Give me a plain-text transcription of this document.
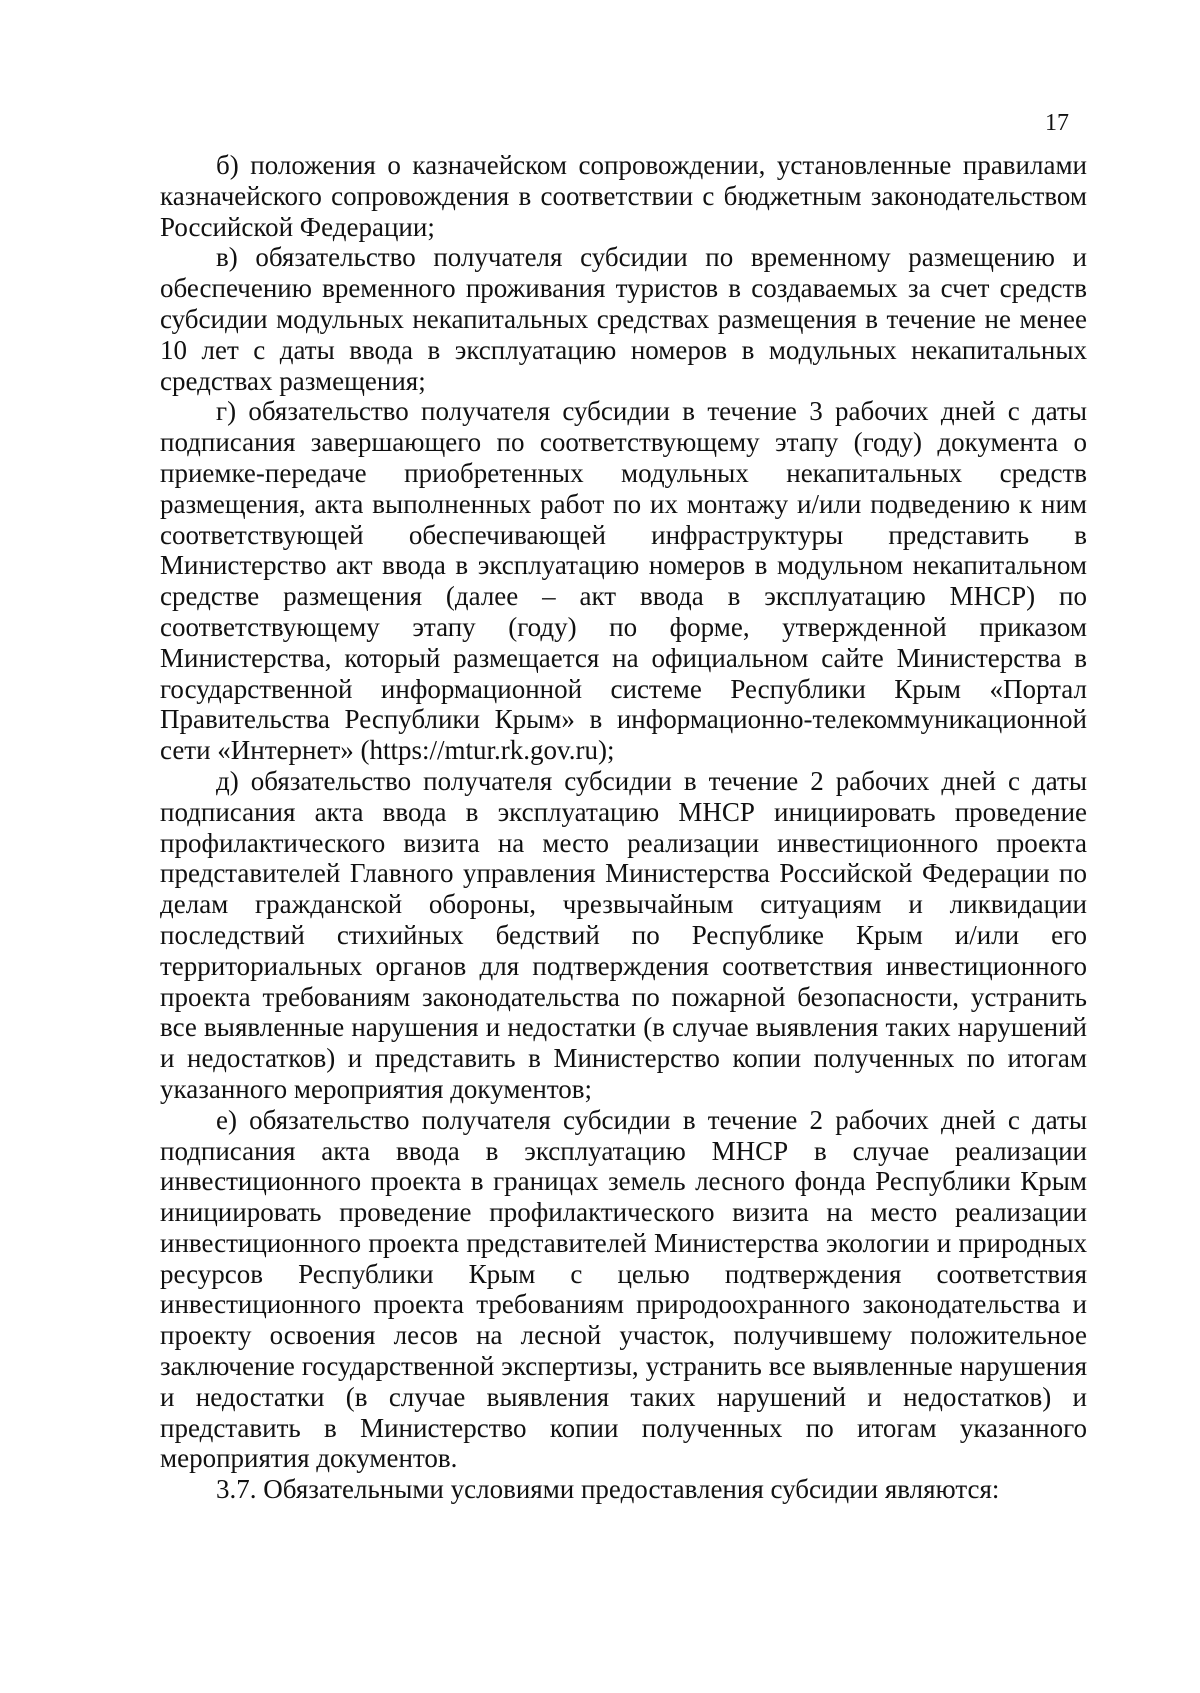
17

б) положения о казначейском сопровождении, установленные правилами казначейского сопровождения в соответствии с бюджетным законодательством Российской Федерации;

в) обязательство получателя субсидии по временному размещению и обеспечению временного проживания туристов в создаваемых за счет средств субсидии модульных некапитальных средствах размещения в течение не менее 10 лет с даты ввода в эксплуатацию номеров в модульных некапитальных средствах размещения;

г) обязательство получателя субсидии в течение 3 рабочих дней с даты подписания завершающего по соответствующему этапу (году) документа о приемке-передаче приобретенных модульных некапитальных средств размещения, акта выполненных работ по их монтажу и/или подведению к ним соответствующей обеспечивающей инфраструктуры представить в Министерство акт ввода в эксплуатацию номеров в модульном некапитальном средстве размещения (далее – акт ввода в эксплуатацию МНСР) по соответствующему этапу (году) по форме, утвержденной приказом Министерства, который размещается на официальном сайте Министерства в государственной информационной системе Республики Крым «Портал Правительства Республики Крым» в информационно-телекоммуникационной сети «Интернет» (https://mtur.rk.gov.ru);

д) обязательство получателя субсидии в течение 2 рабочих дней с даты подписания акта ввода в эксплуатацию МНСР инициировать проведение профилактического визита на место реализации инвестиционного проекта представителей Главного управления Министерства Российской Федерации по делам гражданской обороны, чрезвычайным ситуациям и ликвидации последствий стихийных бедствий по Республике Крым и/или его территориальных органов для подтверждения соответствия инвестиционного проекта требованиям законодательства по пожарной безопасности, устранить все выявленные нарушения и недостатки (в случае выявления таких нарушений и недостатков) и представить в Министерство копии полученных по итогам указанного мероприятия документов;

е) обязательство получателя субсидии в течение 2 рабочих дней с даты подписания акта ввода в эксплуатацию МНСР в случае реализации инвестиционного проекта в границах земель лесного фонда Республики Крым инициировать проведение профилактического визита на место реализации инвестиционного проекта представителей Министерства экологии и природных ресурсов Республики Крым с целью подтверждения соответствия инвестиционного проекта требованиям природоохранного законодательства и проекту освоения лесов на лесной участок, получившему положительное заключение государственной экспертизы, устранить все выявленные нарушения и недостатки (в случае выявления таких нарушений и недостатков) и представить в Министерство копии полученных по итогам указанного мероприятия документов.

3.7. Обязательными условиями предоставления субсидии являются:
